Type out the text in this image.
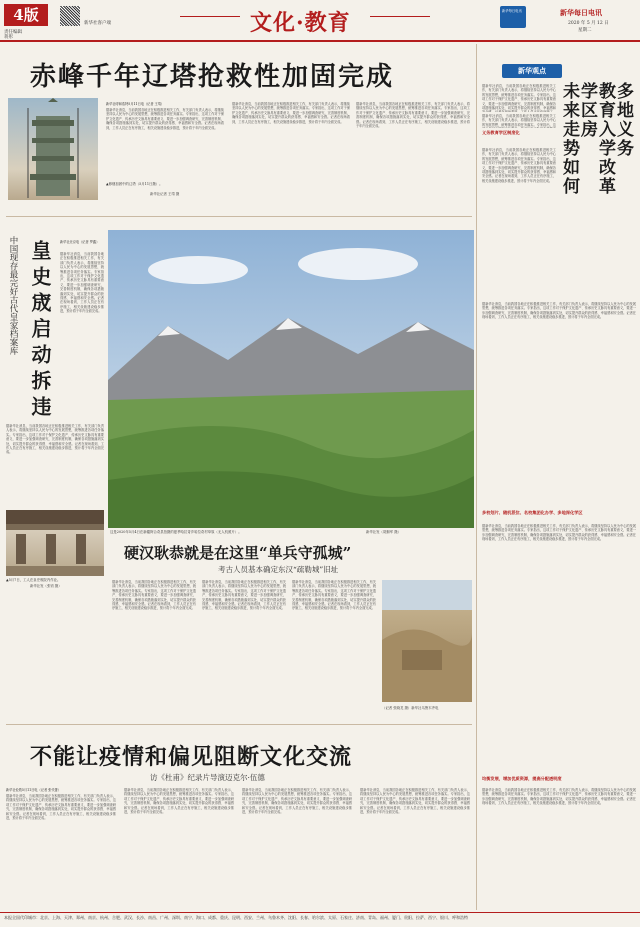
4版
责任编辑
蒋彤
新华社客户端	文化·教育	新华每日电讯	新华每日电讯
2020 年 5 月 12 日
星期二
赤峰千年辽塔抢救性加固完成
新华社呼和浩特5月11日电（记者 王靖）
据新华社消息，当前我国各地正在积极推进相关工作，有关部门负责人表示，将继续坚持以人民为中心的发展思想，统筹推进各项任务落实。专家指出，这项工作对于保护文化遗产、传承历史文脉具有重要意义，要进一步加强调查研究，完善制度机制，确保各项措施落到实处，切实提升群众的获得感、幸福感和安全感。记者在现场看到，工作人员正在有序施工，相关设施建设稳步推进，预计将于年内全面完成。
据新华社消息，当前我国各地正在积极推进相关工作，有关部门负责人表示，将继续坚持以人民为中心的发展思想，统筹推进各项任务落实。专家指出，这项工作对于保护文化遗产、传承历史文脉具有重要意义，要进一步加强调查研究，完善制度机制，确保各项措施落到实处，切实提升群众的获得感、幸福感和安全感。记者在现场看到，工作人员正在有序施工，相关设施建设稳步推进，预计将于年内全面完成。
据新华社消息，当前我国各地正在积极推进相关工作，有关部门负责人表示，将继续坚持以人民为中心的发展思想，统筹推进各项任务落实。专家指出，这项工作对于保护文化遗产、传承历史文脉具有重要意义，要进一步加强调查研究，完善制度机制，确保各项措施落到实处，切实提升群众的获得感、幸福感和安全感。记者在现场看到，工作人员正在有序施工，相关设施建设稳步推进，预计将于年内全面完成。
▲修缮加固中的辽塔（5月11日摄）。
新华社记者 王靖 摄
中国现存最完好古代皇家档案库 皇史宬启动拆违	新华社北京电（记者 罗鑫）
据新华社消息，当前我国各地正在积极推进相关工作，有关部门负责人表示，将继续坚持以人民为中心的发展思想，统筹推进各项任务落实。专家指出，这项工作对于保护文化遗产、传承历史文脉具有重要意义，要进一步加强调查研究，完善制度机制，确保各项措施落到实处，切实提升群众的获得感、幸福感和安全感。记者在现场看到，工作人员正在有序施工，相关设施建设稳步推进，预计将于年内全面完成。
据新华社消息，当前我国各地正在积极推进相关工作，有关部门负责人表示，将继续坚持以人民为中心的发展思想，统筹推进各项任务落实。专家指出，这项工作对于保护文化遗产、传承历史文脉具有重要意义，要进一步加强调查研究，完善制度机制，确保各项措施落到实处，切实提升群众的获得感、幸福感和安全感。记者在现场看到，工作人员正在有序施工，相关设施建设稳步推进，预计将于年内全面完成。
▲5月7日，工人在皇史宬院内作业。
新华社发（张钧 摄）
这是2020年5月4日在新疆阿合奇县拍摄的夏季哈拉奇乡哈拉奇村草原（无人机照片）。	新华社发（胡拥军 摄）
硬汉耿恭就是在这里“单兵守孤城”
考古人员基本确定东汉“疏勒城”旧址
据新华社消息，当前我国各地正在积极推进相关工作，有关部门负责人表示，将继续坚持以人民为中心的发展思想，统筹推进各项任务落实。专家指出，这项工作对于保护文化遗产、传承历史文脉具有重要意义，要进一步加强调查研究，完善制度机制，确保各项措施落到实处，切实提升群众的获得感、幸福感和安全感。记者在现场看到，工作人员正在有序施工，相关设施建设稳步推进，预计将于年内全面完成。
据新华社消息，当前我国各地正在积极推进相关工作，有关部门负责人表示，将继续坚持以人民为中心的发展思想，统筹推进各项任务落实。专家指出，这项工作对于保护文化遗产、传承历史文脉具有重要意义，要进一步加强调查研究，完善制度机制，确保各项措施落到实处，切实提升群众的获得感、幸福感和安全感。记者在现场看到，工作人员正在有序施工，相关设施建设稳步推进，预计将于年内全面完成。
据新华社消息，当前我国各地正在积极推进相关工作，有关部门负责人表示，将继续坚持以人民为中心的发展思想，统筹推进各项任务落实。专家指出，这项工作对于保护文化遗产、传承历史文脉具有重要意义，要进一步加强调查研究，完善制度机制，确保各项措施落到实处，切实提升群众的获得感、幸福感和安全感。记者在现场看到，工作人员正在有序施工，相关设施建设稳步推进，预计将于年内全面完成。
（记者 张晓龙 摄）新华社乌鲁木齐电
不能让疫情和偏见阻断文化交流
访《杜甫》纪录片导演迈克尔·伍德
新华社伦敦5月11日电（记者 张代蕾）
据新华社消息，当前我国各地正在积极推进相关工作，有关部门负责人表示，将继续坚持以人民为中心的发展思想，统筹推进各项任务落实。专家指出，这项工作对于保护文化遗产、传承历史文脉具有重要意义，要进一步加强调查研究，完善制度机制，确保各项措施落到实处，切实提升群众的获得感、幸福感和安全感。记者在现场看到，工作人员正在有序施工，相关设施建设稳步推进，预计将于年内全面完成。
据新华社消息，当前我国各地正在积极推进相关工作，有关部门负责人表示，将继续坚持以人民为中心的发展思想，统筹推进各项任务落实。专家指出，这项工作对于保护文化遗产、传承历史文脉具有重要意义，要进一步加强调查研究，完善制度机制，确保各项措施落到实处，切实提升群众的获得感、幸福感和安全感。记者在现场看到，工作人员正在有序施工，相关设施建设稳步推进，预计将于年内全面完成。
据新华社消息，当前我国各地正在积极推进相关工作，有关部门负责人表示，将继续坚持以人民为中心的发展思想，统筹推进各项任务落实。专家指出，这项工作对于保护文化遗产、传承历史文脉具有重要意义，要进一步加强调查研究，完善制度机制，确保各项措施落到实处，切实提升群众的获得感、幸福感和安全感。记者在现场看到，工作人员正在有序施工，相关设施建设稳步推进，预计将于年内全面完成。
据新华社消息，当前我国各地正在积极推进相关工作，有关部门负责人表示，将继续坚持以人民为中心的发展思想，统筹推进各项任务落实。专家指出，这项工作对于保护文化遗产、传承历史文脉具有重要意义，要进一步加强调查研究，完善制度机制，确保各项措施落到实处，切实提升群众的获得感、幸福感和安全感。记者在现场看到，工作人员正在有序施工，相关设施建设稳步推进，预计将于年内全面完成。
新华观点
据新华社消息，当前我国各地正在积极推进相关工作，有关部门负责人表示，将继续坚持以人民为中心的发展思想，统筹推进各项任务落实。专家指出，这项工作对于保护文化遗产、传承历史文脉具有重要意义，要进一步加强调查研究，完善制度机制，确保各项措施落到实处，切实提升群众的获得感、幸福感和
据新华社消息，当前我国各地正在积极推进相关工作，有关部门负责人表示，将继续坚持以人民为中心的发展思想，统筹推进各项任务落实。专家指出，这
义务教育学区制度化
据新华社消息，当前我国各地正在积极推进相关工作，有关部门负责人表示，将继续坚持以人民为中心的发展思想，统筹推进各项任务落实。专家指出，这项工作对于保护文化遗产、传承历史文脉具有重要意义，要进一步加强调查研究，完善制度机制，确保各项措施落到实处，切实提升群众的获得感、幸福感和安全感。记者在现场看到，工作人员正在有序施工，相关设施建设稳步推进，预计将于年内全面完成。
多地义务
教育入学改革
学区房
未来走势如何
据新华社消息，当前我国各地正在积极推进相关工作，有关部门负责人表示，将继续坚持以人民为中心的发展思想，统筹推进各项任务落实。专家指出，这项工作对于保护文化遗产、传承历史文脉具有重要意义，要进一步加强调查研究，完善制度机制，确保各项措施落到实处，切实提升群众的获得感、幸福感和安全感。记者在现场看到，工作人员正在有序施工，相关设施建设稳步推进，预计将于年内全面完成。
多校划片、随机派位、名校集团化办学、多地深化学区
据新华社消息，当前我国各地正在积极推进相关工作，有关部门负责人表示，将继续坚持以人民为中心的发展思想，统筹推进各项任务落实。专家指出，这项工作对于保护文化遗产、传承历史文脉具有重要意义，要进一步加强调查研究，完善制度机制，确保各项措施落到实处，切实提升群众的获得感、幸福感和安全感。记者在现场看到，工作人员正在有序施工，相关设施建设稳步推进，预计将于年内全面完成。
均衡发展，增加优质资源，提高分配透明度
据新华社消息，当前我国各地正在积极推进相关工作，有关部门负责人表示，将继续坚持以人民为中心的发展思想，统筹推进各项任务落实。专家指出，这项工作对于保护文化遗产、传承历史文脉具有重要意义，要进一步加强调查研究，完善制度机制，确保各项措施落到实处，切实提升群众的获得感、幸福感和安全感。记者在现场看到，工作人员正在有序施工，相关设施建设稳步推进，预计将于年内全面完成。
本报全国代印城市：北京、上海、天津、郑州、南京、杭州、合肥、武汉、长沙、南昌、广州、深圳、南宁、海口、成都、重庆、昆明、西安、兰州、乌鲁木齐、沈阳、长春、哈尔滨、太原、石家庄、济南、青岛、福州、厦门、贵阳、拉萨、西宁、银川、呼和浩特
